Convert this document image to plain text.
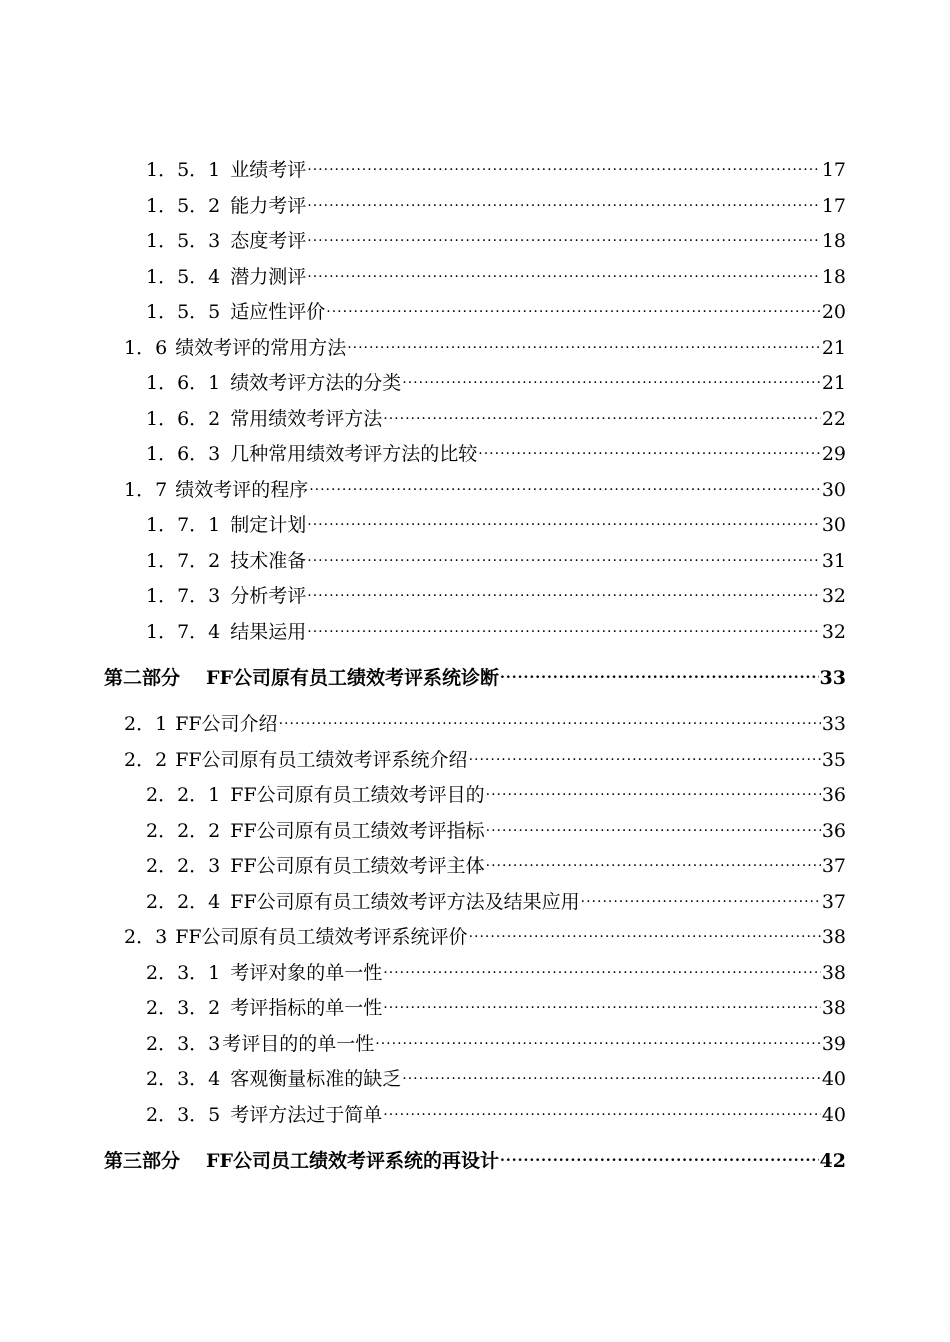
1．5．1 业绩考评 .....	17
1．5．2 能力考评 .....	17
1．5．3 态度考评 .....	18
1．5．4 潜力测评 .....	18
1．5．5 适应性评价 .....	20
1．6 绩效考评的常用方法 .....	21
1．6．1 绩效考评方法的分类 .....	21
1．6．2 常用绩效考评方法 .....	22
1．6．3 几种常用绩效考评方法的比较 .....	29
1．7 绩效考评的程序 .....	30
1．7．1 制定计划 .....	30
1．7．2 技术准备 .....	31
1．7．3 分析考评 .....	32
1．7．4 结果运用 .....	32
第二部分 FF公司原有员工绩效考评系统诊断 .....	33
2．1 FF公司介绍 .....	33
2．2 FF公司原有员工绩效考评系统介绍 .....	35
2．2．1 FF公司原有员工绩效考评目的 .....	36
2．2．2 FF公司原有员工绩效考评指标 .....	36
2．2．3 FF公司原有员工绩效考评主体 .....	37
2．2．4 FF公司原有员工绩效考评方法及结果应用 .....	37
2．3 FF公司原有员工绩效考评系统评价 .....	38
2．3．1 考评对象的单一性 .....	38
2．3．2 考评指标的单一性 .....	38
2．3．3 考评目的的单一性 .....	39
2．3．4 客观衡量标准的缺乏 .....	40
2．3．5 考评方法过于简单 .....	40
第三部分 FF公司员工绩效考评系统的再设计 .....	42
